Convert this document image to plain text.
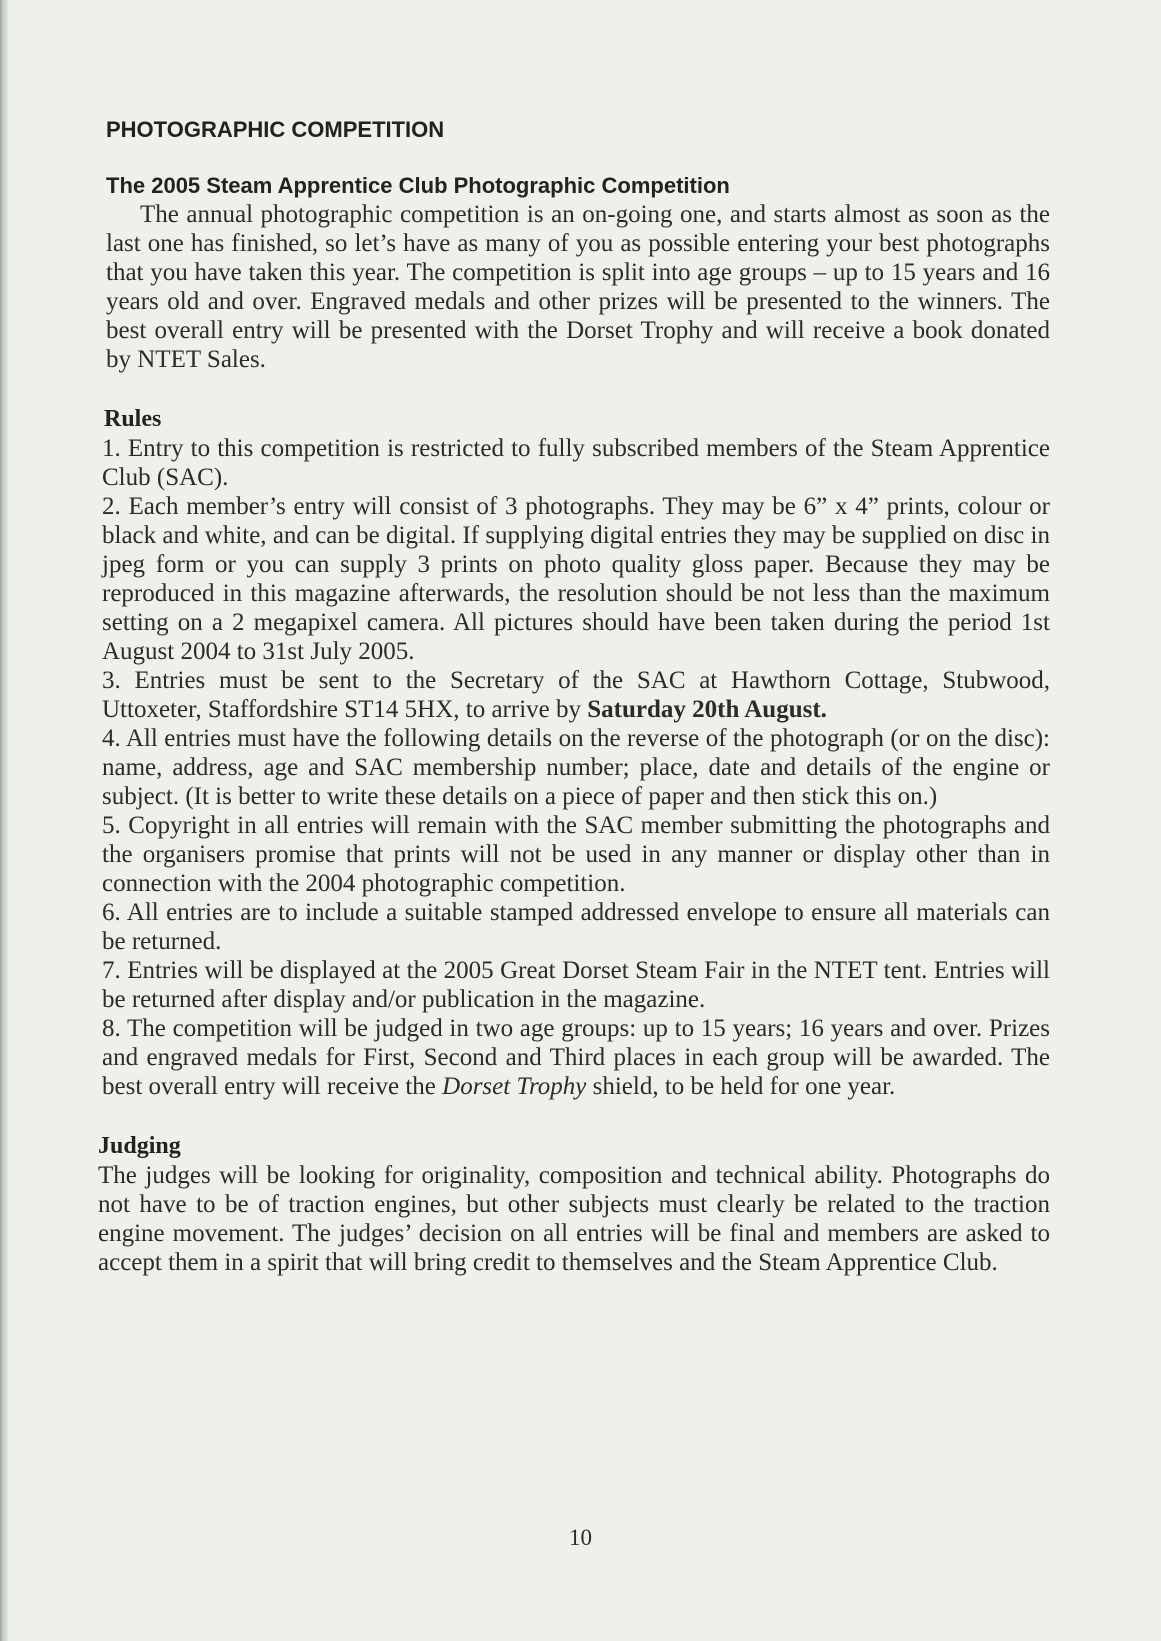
PHOTOGRAPHIC COMPETITION
The 2005 Steam Apprentice Club Photographic Competition

The annual photographic competition is an on-going one, and starts almost as soon as the last one has finished, so let’s have as many of you as possible entering your best photographs that you have taken this year. The competition is split into age groups – up to 15 years and 16 years old and over. Engraved medals and other prizes will be presented to the winners. The best overall entry will be presented with the Dorset Trophy and will receive a book donated by NTET Sales.

Rules

1. Entry to this competition is restricted to fully subscribed members of the Steam Apprentice Club (SAC).

2. Each member’s entry will consist of 3 photographs. They may be 6” x 4” prints, colour or black and white, and can be digital. If supplying digital entries they may be supplied on disc in jpeg form or you can supply 3 prints on photo quality gloss paper. Because they may be reproduced in this magazine afterwards, the resolution should be not less than the maximum setting on a 2 megapixel camera. All pictures should have been taken during the period 1st August 2004 to 31st July 2005.

3. Entries must be sent to the Secretary of the SAC at Hawthorn Cottage, Stubwood, Uttoxeter, Staffordshire ST14 5HX, to arrive by Saturday 20th August.

4. All entries must have the following details on the reverse of the photograph (or on the disc): name, address, age and SAC membership number; place, date and details of the engine or subject. (It is better to write these details on a piece of paper and then stick this on.)

5. Copyright in all entries will remain with the SAC member submitting the photographs and the organisers promise that prints will not be used in any manner or display other than in connection with the 2004 photographic competition.

6. All entries are to include a suitable stamped addressed envelope to ensure all materials can be returned.

7. Entries will be displayed at the 2005 Great Dorset Steam Fair in the NTET tent. Entries will be returned after display and/or publication in the magazine.

8. The competition will be judged in two age groups: up to 15 years; 16 years and over. Prizes and engraved medals for First, Second and Third places in each group will be awarded. The best overall entry will receive the Dorset Trophy shield, to be held for one year.

Judging

The judges will be looking for originality, composition and technical ability. Photographs do not have to be of traction engines, but other subjects must clearly be related to the traction engine movement. The judges’ decision on all entries will be final and members are asked to accept them in a spirit that will bring credit to themselves and the Steam Apprentice Club.

10
